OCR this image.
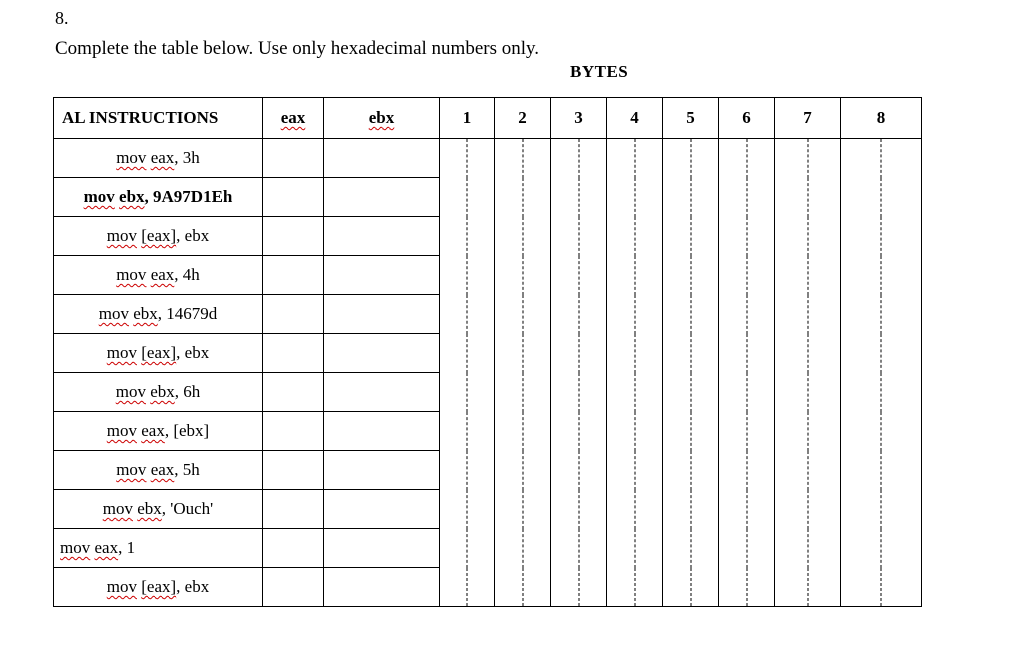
8.
Complete the table below. Use only hexadecimal numbers only.
BYTES
AL INSTRUCTIONS	eax	ebx	1	2	3	4	5	6	7	8
mov eax, 3h										
mov ebx, 9A97D1Eh										
mov [eax], ebx										
mov eax, 4h										
mov ebx, 14679d										
mov [eax], ebx										
mov ebx, 6h										
mov eax, [ebx]										
mov eax, 5h										
mov ebx, 'Ouch'										
mov eax, 1										
mov [eax], ebx										
